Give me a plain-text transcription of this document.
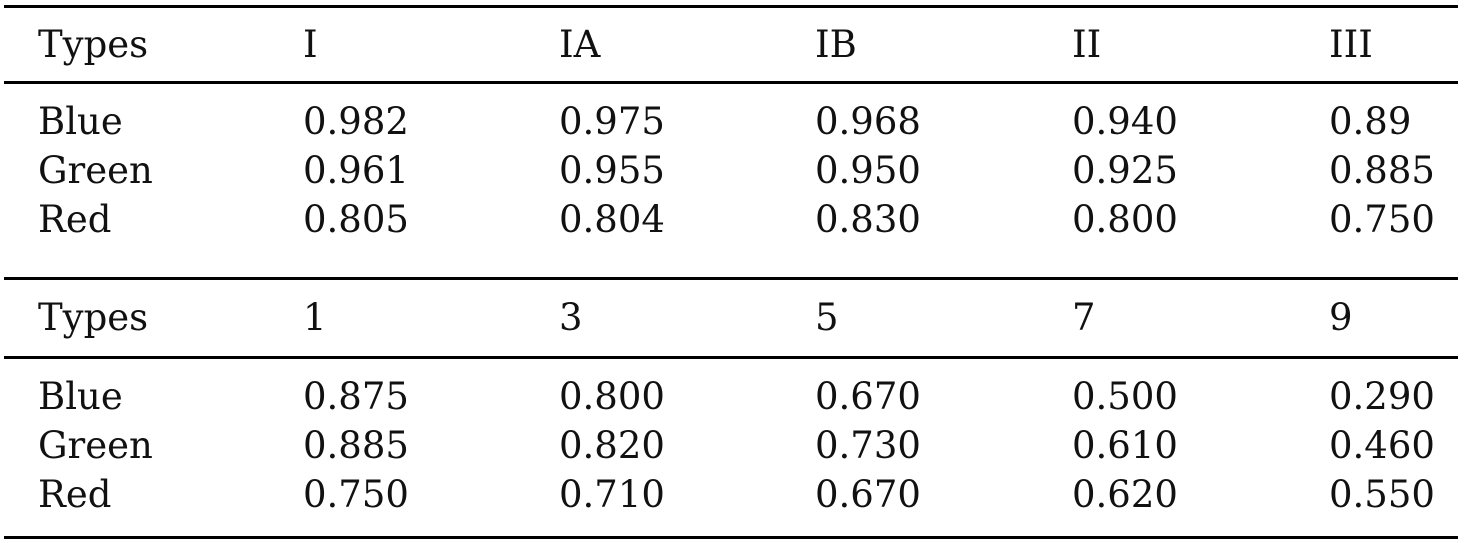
Types	I	IA	IB	II	III
Blue	0.982	0.975	0.968	0.940	0.89
Green	0.961	0.955	0.950	0.925	0.885
Red	0.805	0.804	0.830	0.800	0.750
Types	1	3	5	7	9
Blue	0.875	0.800	0.670	0.500	0.290
Green	0.885	0.820	0.730	0.610	0.460
Red	0.750	0.710	0.670	0.620	0.550
